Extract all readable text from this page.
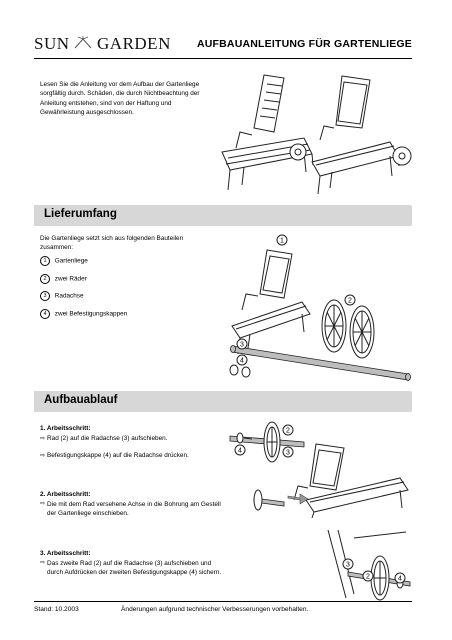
SUN GARDEN AUFBAUANLEITUNG FÜR GARTENLIEGE
Lesen Sie die Anleitung vor dem Aufbau der Gartenliege sorgfältig durch. Schäden, die durch Nichtbeachtung der Anleitung entstehen, sind von der Haftung und Gewährleistung ausgeschlossen.
Lieferumfang
Die Gartenliege setzt sich aus folgenden Bauteilen zusammen:
1 Gartenliege
2 zwei Räder
3 Radachse
4 zwei Befestigungskappen
1
2
3
4
Aufbauablauf
1. Arbeitsschritt:
⇨ Rad (2) auf die Radachse (3) aufschieben.
⇨ Befestigungskappe (4) auf die Radachse drücken.
2
4	3
2. Arbeitsschritt:
⇨ Die mit dem Rad versehene Achse in die Bohrung am Gestell der Gartenliege einschieben.
3. Arbeitsschritt:
⇨ Das zweite Rad (2) auf die Radachse (3) aufschieben und durch Aufdrücken der zweiten Befestigungskappe (4) sichern.
3
2	4
Stand: 10.2003	Änderungen aufgrund technischer Verbesserungen vorbehalten.
